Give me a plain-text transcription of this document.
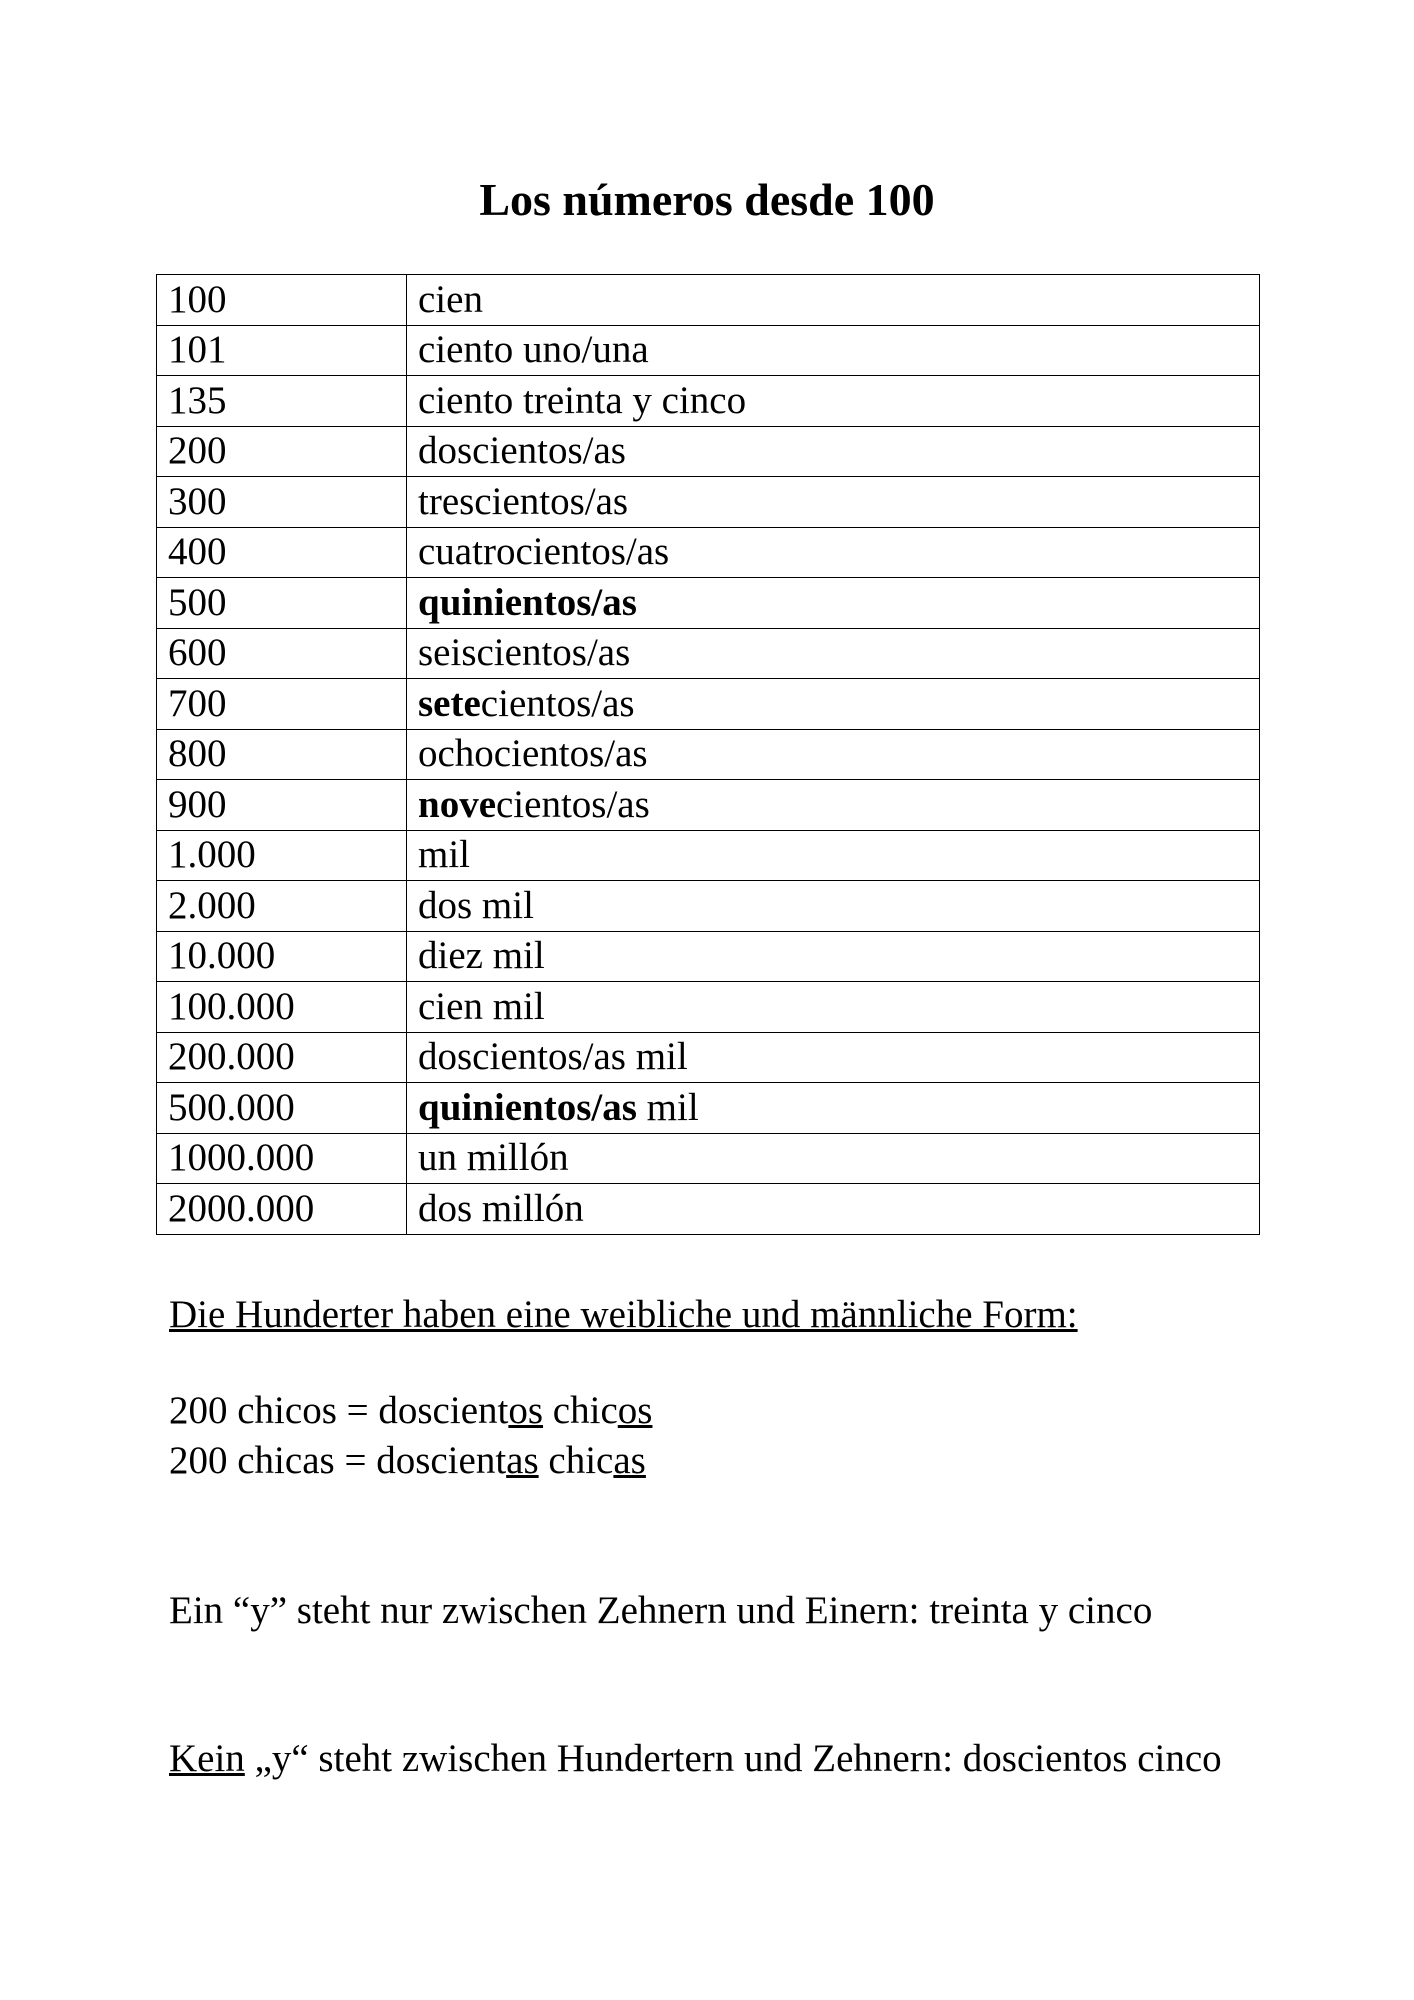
Los números desde 100
100	cien
101	ciento uno/una
135	ciento treinta y cinco
200	doscientos/as
300	trescientos/as
400	cuatrocientos/as
500	quinientos/as
600	seiscientos/as
700	setecientos/as
800	ochocientos/as
900	novecientos/as
1.000	mil
2.000	dos mil
10.000	diez mil
100.000	cien mil
200.000	doscientos/as mil
500.000	quinientos/as mil
1000.000	un millón
2000.000	dos millón

Die Hunderter haben eine weibliche und männliche Form:

200 chicos = doscientos chicos

200 chicas = doscientas chicas

Ein “y” steht nur zwischen Zehnern und Einern: treinta y cinco

Kein „y“ steht zwischen Hundertern und Zehnern: doscientos cinco
